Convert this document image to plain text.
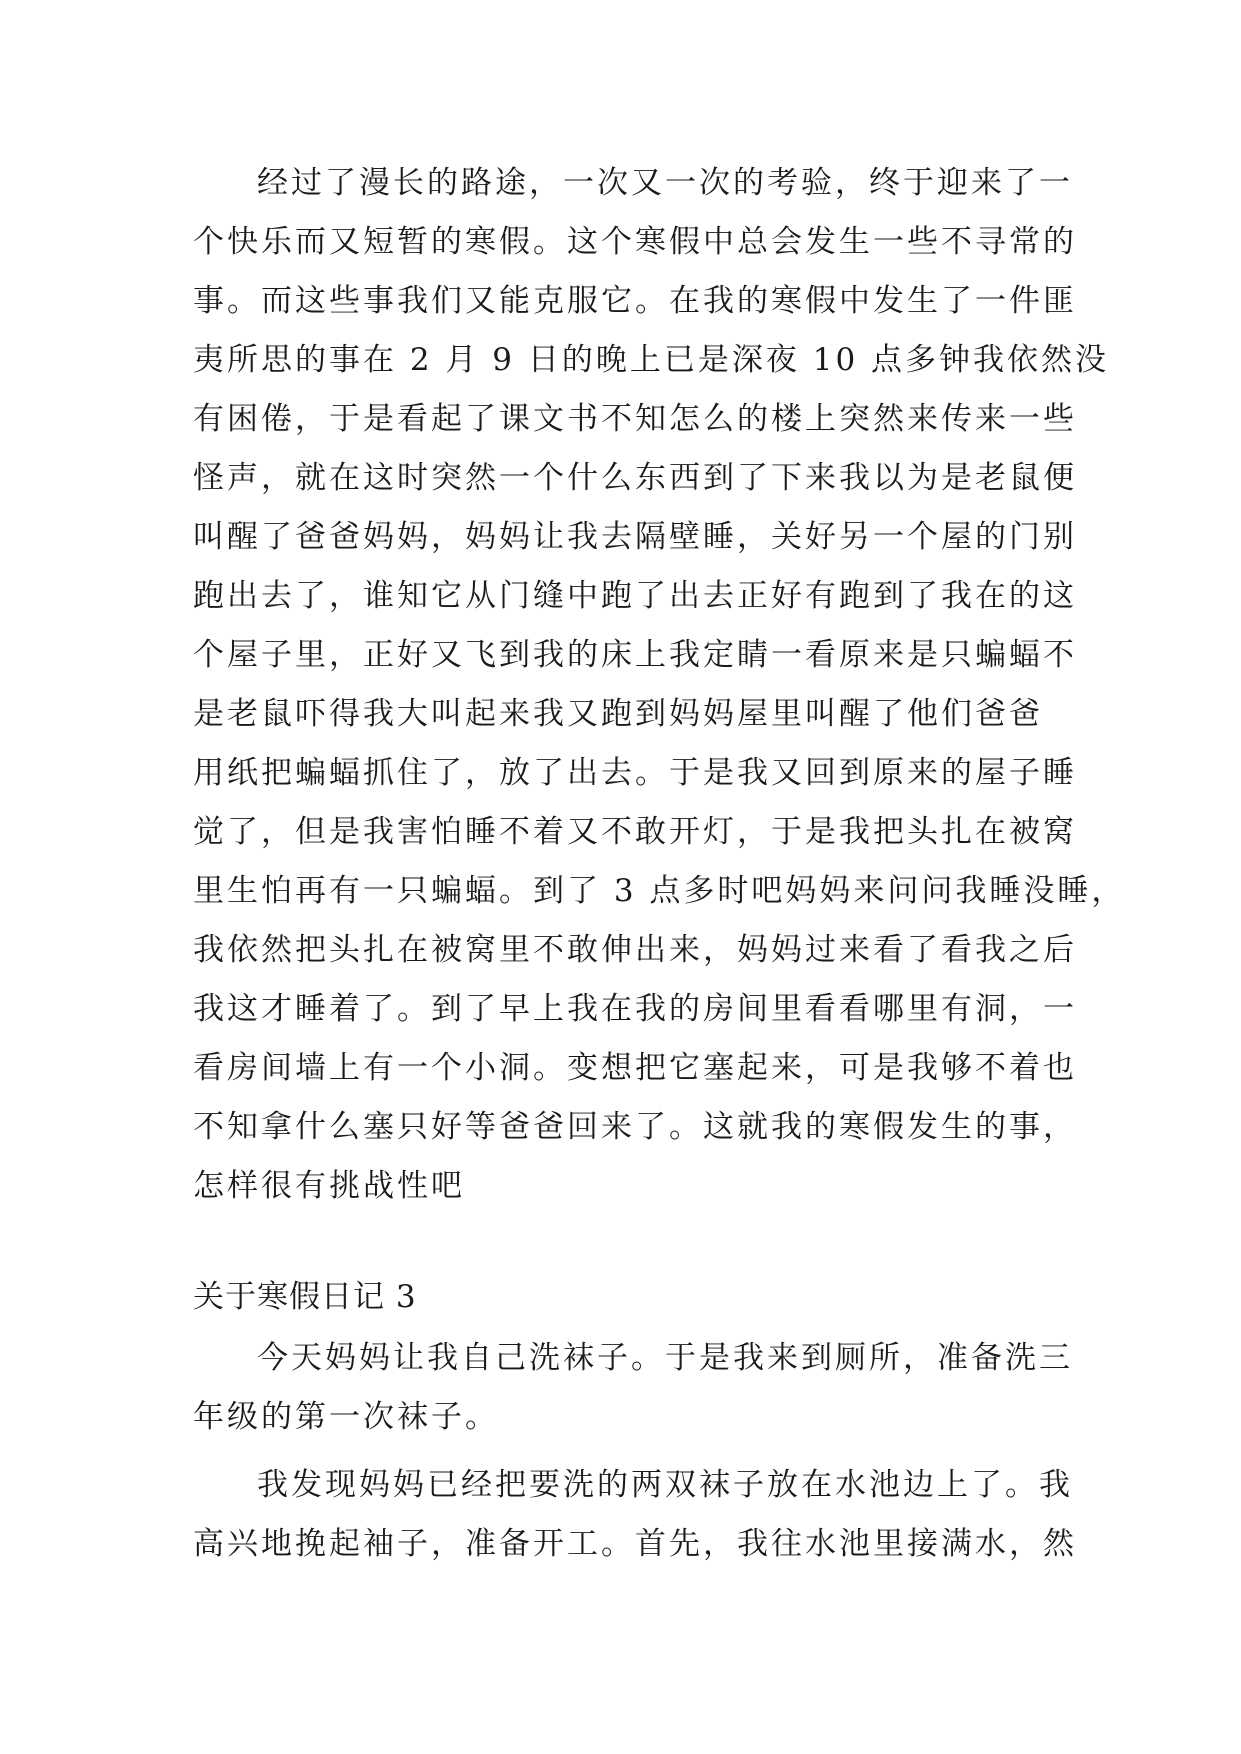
经过了漫长的路途，一次又一次的考验，终于迎来了一
个快乐而又短暂的寒假。这个寒假中总会发生一些不寻常的
事。而这些事我们又能克服它。在我的寒假中发生了一件匪
夷所思的事在 2 月 9 日的晚上已是深夜 10 点多钟我依然没
有困倦，于是看起了课文书不知怎么的楼上突然来传来一些
怪声，就在这时突然一个什么东西到了下来我以为是老鼠便
叫醒了爸爸妈妈，妈妈让我去隔壁睡，关好另一个屋的门别
跑出去了，谁知它从门缝中跑了出去正好有跑到了我在的这
个屋子里，正好又飞到我的床上我定睛一看原来是只蝙蝠不
是老鼠吓得我大叫起来我又跑到妈妈屋里叫醒了他们爸爸
用纸把蝙蝠抓住了，放了出去。于是我又回到原来的屋子睡
觉了，但是我害怕睡不着又不敢开灯，于是我把头扎在被窝
里生怕再有一只蝙蝠。到了 3 点多时吧妈妈来问问我睡没睡，
我依然把头扎在被窝里不敢伸出来，妈妈过来看了看我之后
我这才睡着了。到了早上我在我的房间里看看哪里有洞，一
看房间墙上有一个小洞。变想把它塞起来，可是我够不着也
不知拿什么塞只好等爸爸回来了。这就我的寒假发生的事，
怎样很有挑战性吧
关于寒假日记 3
今天妈妈让我自己洗袜子。于是我来到厕所，准备洗三
年级的第一次袜子。
我发现妈妈已经把要洗的两双袜子放在水池边上了。我
高兴地挽起袖子，准备开工。首先，我往水池里接满水，然
